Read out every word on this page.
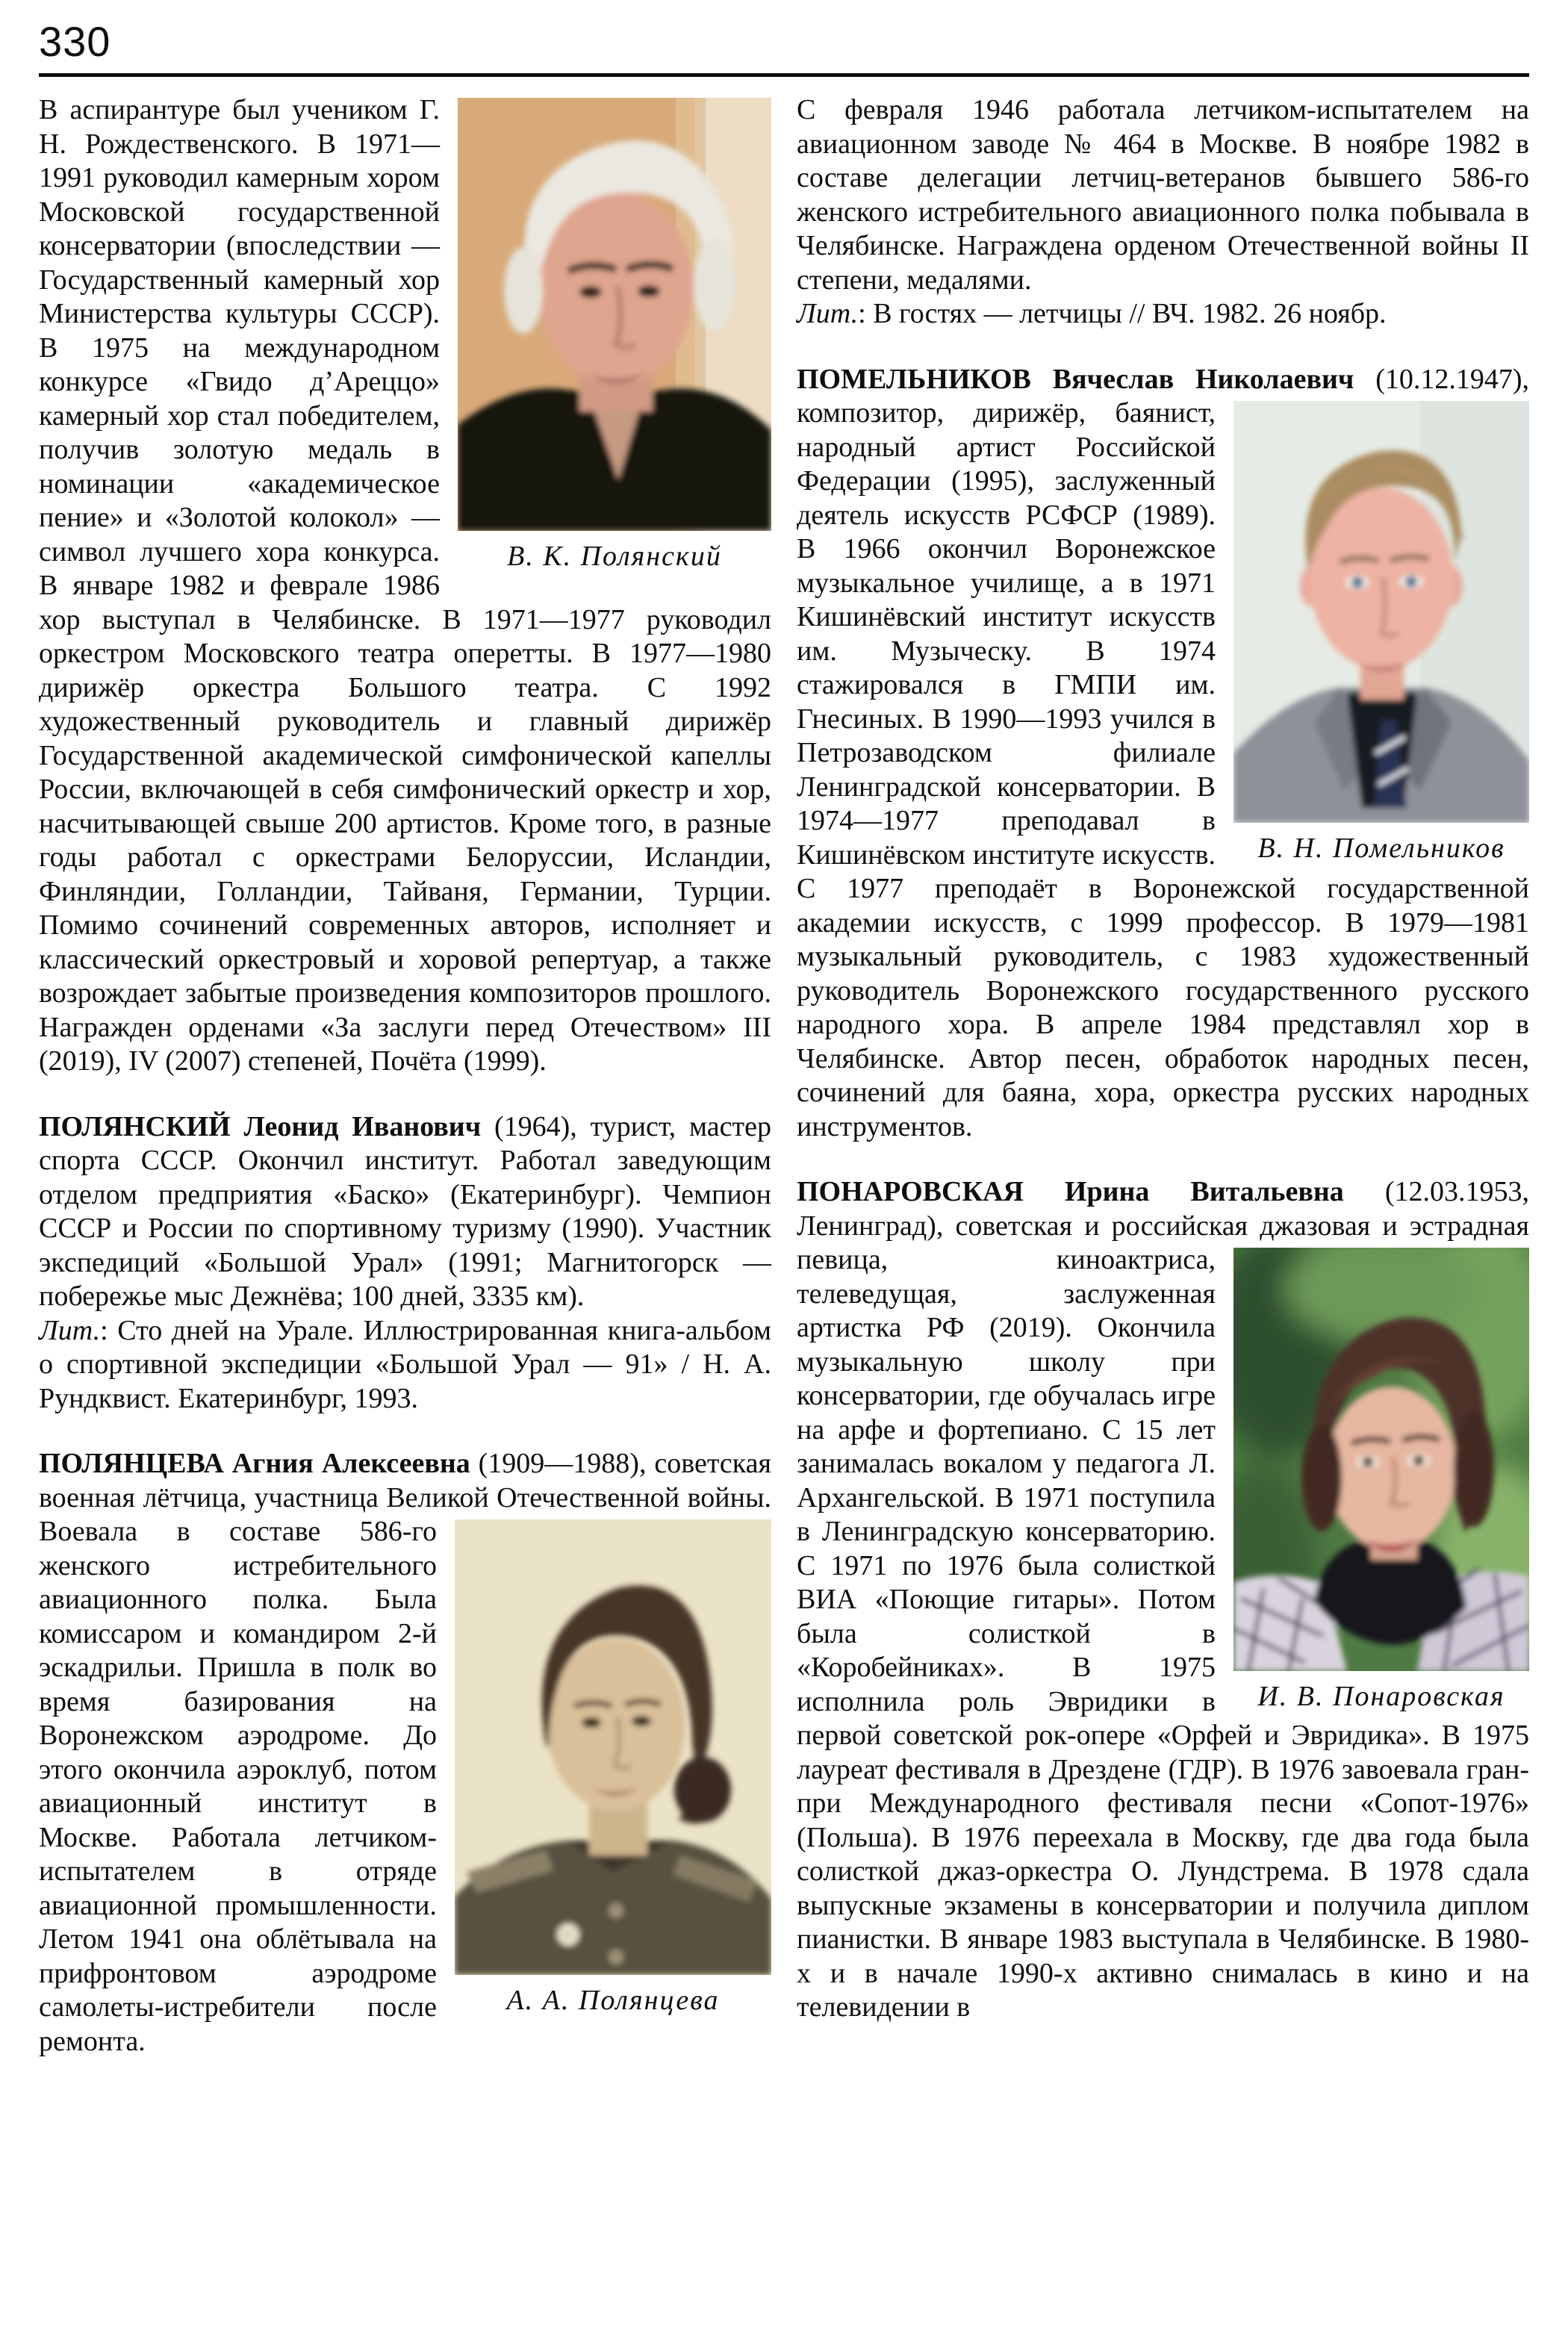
330

В. К. Полянский
В аспирантуре был учеником Г. Н. Рождественского. В 1971—1991 руководил камерным хором Московской государственной консерватории (впоследствии — Государственный камерный хор Министерства культуры СССР). В 1975 на международном конкурсе «Гвидо д’Ареццо» камерный хор стал победителем, получив золотую медаль в номинации «академическое пение» и «Золотой колокол» — символ лучшего хора конкурса. В январе 1982 и феврале 1986 хор выступал в Челябинске. В 1971—1977 руководил оркестром Московского театра оперетты. В 1977—1980 дирижёр оркестра Большого театра. С 1992 художественный руководитель и главный дирижёр Государственной академической симфонической капеллы России, включающей в себя симфонический оркестр и хор, насчитывающей свыше 200 артистов. Кроме того, в разные годы работал с оркестрами Белоруссии, Исландии, Финляндии, Голландии, Тайваня, Германии, Турции. Помимо сочинений современных авторов, исполняет и классический оркестровый и хоровой репертуар, а также возрождает забытые произведения композиторов прошлого. Награжден орденами «За заслуги перед Отечеством» III (2019), IV (2007) степеней, Почёта (1999).

ПОЛЯНСКИЙ Леонид Иванович (1964), турист, мастер спорта СССР. Окончил институт. Работал заведующим отделом предприятия «Баско» (Екатеринбург). Чемпион СССР и России по спортивному туризму (1990). Участник экспедиций «Большой Урал» (1991; Магнитогорск — побережье мыс Дежнёва; 100 дней, 3335 км).

Лит.: Сто дней на Урале. Иллюстрированная книга-альбом о спортивной экспедиции «Большой Урал — 91» / Н. А. Рундквист. Екатеринбург, 1993.

ПОЛЯНЦЕВА Агния Алексеевна (1909—1988), советская военная лётчица, участница Великой
А. А. Полянцева
Отечественной войны. Воевала в составе 586-го женского истребительного авиационного полка. Была комиссаром и командиром 2-й эскадрильи. Пришла в полк во время базирования на Воронежском аэродроме. До этого окончила аэроклуб, потом авиационный институт в Москве. Работала летчиком-испытателем в отряде авиационной промышленности. Летом 1941 она облётывала на прифронтовом аэродроме самолеты-истребители после ремонта.

С февраля 1946 работала летчиком-испытателем на авиационном заводе № 464 в Москве. В ноябре 1982 в составе делегации летчиц-ветеранов бывшего 586-го женского истребительного авиационного полка побывала в Челябинске. Награждена орденом Отечественной войны II степени, медалями.

Лит.: В гостях — летчицы // ВЧ. 1982. 26 ноябр.

ПОМЕЛЬНИКОВ Вячеслав Николаевич (10.12.1947), композитор, дирижёр, баянист,
В. Н. Помельников
народный артист Российской Федерации (1995), заслуженный деятель искусств РСФСР (1989). В 1966 окончил Воронежское музыкальное училище, а в 1971 Кишинёвский институт искусств им. Музыческу. В 1974 стажировался в ГМПИ им. Гнесиных. В 1990—1993 учился в Петрозаводском филиале Ленинградской консерватории. В 1974—1977 преподавал в Кишинёвском институте искусств. С 1977 преподаёт в Воронежской государственной академии искусств, с 1999 профессор. В 1979—1981 музыкальный руководитель, с 1983 художественный руководитель Воронежского государственного русского народного хора. В апреле 1984 представлял хор в Челябинске. Автор песен, обработок народных песен, сочинений для баяна, хора, оркестра русских народных инструментов.

ПОНАРОВСКАЯ Ирина Витальевна (12.03.1953, Ленинград), советская и российская джазовая и
И. В. Понаровская
эстрадная певица, киноактриса, телеведущая, заслуженная артистка РФ (2019). Окончила музыкальную школу при консерватории, где обучалась игре на арфе и фортепиано. С 15 лет занималась вокалом у педагога Л. Архангельской. В 1971 поступила в Ленинградскую консерваторию. С 1971 по 1976 была солисткой ВИА «Поющие гитары». Потом была солисткой в «Коробейниках». В 1975 исполнила роль Эвридики в первой советской рок-опере «Орфей и Эвридика». В 1975 лауреат фестиваля в Дрездене (ГДР). В 1976 завоевала гран-при Международного фестиваля песни «Сопот-1976» (Польша). В 1976 переехала в Москву, где два года была солисткой джаз-оркестра О. Лундстрема. В 1978 сдала выпускные экзамены в консерватории и получила диплом пианистки. В январе 1983 выступала в Челябинске. В 1980-х и в начале 1990-х активно снималась в кино и на телевидении в
